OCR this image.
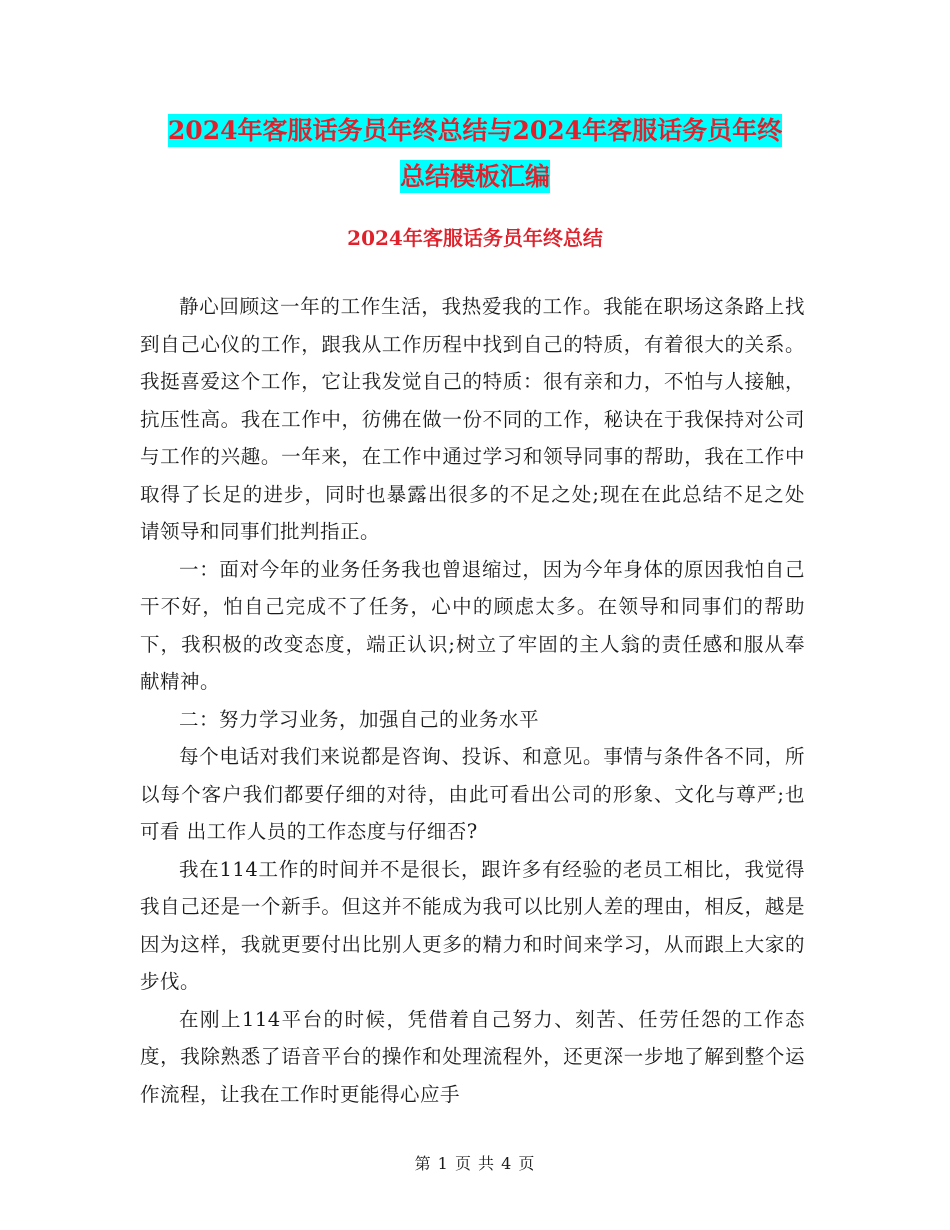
2024年客服话务员年终总结与2024年客服话务员年终
总结模板汇编
2024年客服话务员年终总结

静心回顾这一年的工作生活，我热爱我的工作。我能在职场这条路上找到自己心仪的工作，跟我从工作历程中找到自己的特质，有着很大的关系。我挺喜爱这个工作，它让我发觉自己的特质：很有亲和力，不怕与人接触，抗压性高。我在工作中，彷佛在做一份不同的工作，秘诀在于我保持对公司与工作的兴趣。一年来，在工作中通过学习和领导同事的帮助，我在工作中取得了长足的进步，同时也暴露出很多的不足之处;现在在此总结不足之处请领导和同事们批判指正。

一：面对今年的业务任务我也曾退缩过，因为今年身体的原因我怕自己干不好，怕自己完成不了任务，心中的顾虑太多。在领导和同事们的帮助下，我积极的改变态度，端正认识;树立了牢固的主人翁的责任感和服从奉献精神。

二：努力学习业务，加强自己的业务水平

每个电话对我们来说都是咨询、投诉、和意见。事情与条件各不同，所以每个客户我们都要仔细的对待，由此可看出公司的形象、文化与尊严;也可看 出工作人员的工作态度与仔细否?

我在114工作的时间并不是很长，跟许多有经验的老员工相比，我觉得我自己还是一个新手。但这并不能成为我可以比别人差的理由，相反，越是因为这样，我就更要付出比别人更多的精力和时间来学习，从而跟上大家的步伐。

在刚上114平台的时候，凭借着自己努力、刻苦、任劳任怨的工作态度，我除熟悉了语音平台的操作和处理流程外，还更深一步地了解到整个运作流程，让我在工作时更能得心应手

第 1 页 共 4 页
